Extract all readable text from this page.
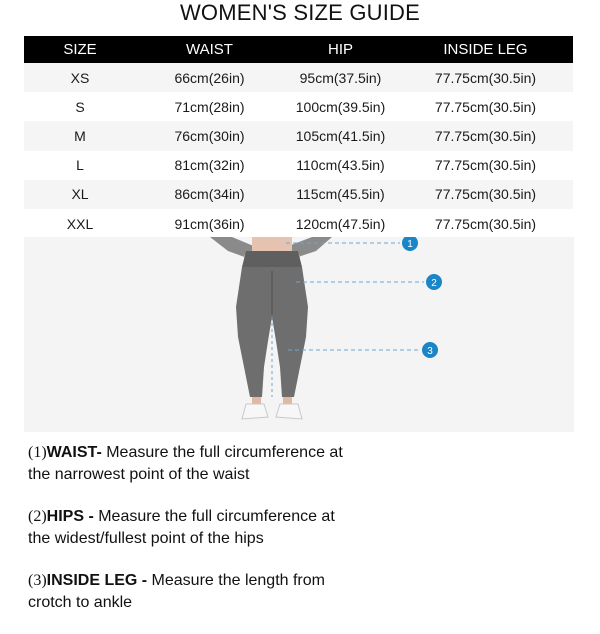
WOMEN'S SIZE GUIDE
SIZE	WAIST	HIP	INSIDE LEG
XS	66cm(26in)	95cm(37.5in)	77.75cm(30.5in)
S	71cm(28in)	100cm(39.5in)	77.75cm(30.5in)
M	76cm(30in)	105cm(41.5in)	77.75cm(30.5in)
L	81cm(32in)	110cm(43.5in)	77.75cm(30.5in)
XL	86cm(34in)	115cm(45.5in)	77.75cm(30.5in)
XXL	91cm(36in)	120cm(47.5in)	77.75cm(30.5in)
1
2
3

(1)WAIST- Measure the full circumference at
the narrowest point of the waist

(2)HIPS - Measure the full circumference at
the widest/fullest point of the hips

(3)INSIDE LEG - Measure the length from
crotch to ankle
